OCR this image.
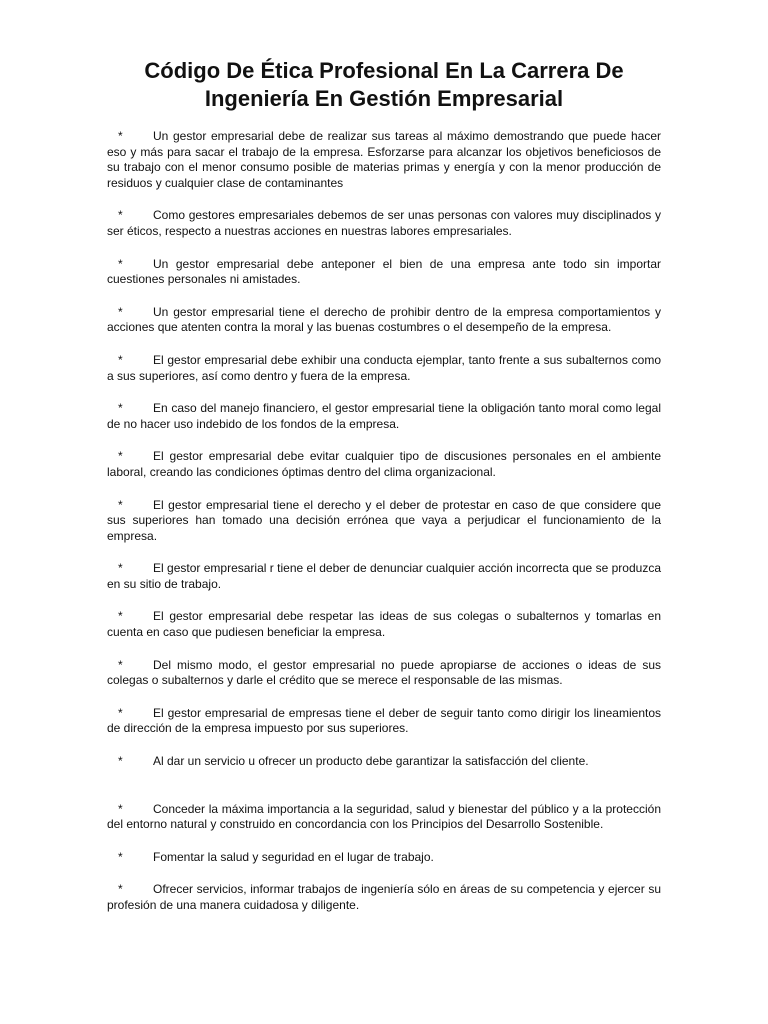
Código De Ética Profesional En La Carrera De
Ingeniería En Gestión Empresarial

*	Un gestor empresarial debe de realizar sus tareas al máximo demostrando que puede hacer eso y más para sacar el trabajo de la empresa. Esforzarse para alcanzar los objetivos beneficiosos de su trabajo con el menor consumo posible de materias primas y energía y con la menor producción de residuos y cualquier clase de contaminantes

*	Como gestores empresariales debemos de ser unas personas con valores muy disciplinados y ser éticos, respecto a nuestras acciones en nuestras labores empresariales.

*	Un gestor empresarial debe anteponer el bien de una empresa ante todo sin importar cuestiones personales ni amistades.

*	Un gestor empresarial tiene el derecho de prohibir dentro de la empresa comportamientos y acciones que atenten contra la moral y las buenas costumbres o el desempeño de la empresa.

*	El gestor empresarial debe exhibir una conducta ejemplar, tanto frente a sus subalternos como a sus superiores, así como dentro y fuera de la empresa.

*	En caso del manejo financiero, el gestor empresarial tiene la obligación tanto moral como legal de no hacer uso indebido de los fondos de la empresa.

*	El gestor empresarial debe evitar cualquier tipo de discusiones personales en el ambiente laboral, creando las condiciones óptimas dentro del clima organizacional.

*	El gestor empresarial tiene el derecho y el deber de protestar en caso de que considere que sus superiores han tomado una decisión errónea que vaya a perjudicar el funcionamiento de la empresa.

*	El gestor empresarial r tiene el deber de denunciar cualquier acción incorrecta que se produzca en su sitio de trabajo.

*	El gestor empresarial debe respetar las ideas de sus colegas o subalternos y tomarlas en cuenta en caso que pudiesen beneficiar la empresa.

*	Del mismo modo, el gestor empresarial no puede apropiarse de acciones o ideas de sus colegas o subalternos y darle el crédito que se merece el responsable de las mismas.

*	El gestor empresarial de empresas tiene el deber de seguir tanto como dirigir los lineamientos de dirección de la empresa impuesto por sus superiores.

*	Al dar un servicio u ofrecer un producto debe garantizar la satisfacción del cliente.

*	Conceder la máxima importancia a la seguridad, salud y bienestar del público y a la protección del entorno natural y construido en concordancia con los Principios del Desarrollo Sostenible.

*	Fomentar la salud y seguridad en el lugar de trabajo.

*	Ofrecer servicios, informar trabajos de ingeniería sólo en áreas de su competencia y ejercer su profesión de una manera cuidadosa y diligente.
